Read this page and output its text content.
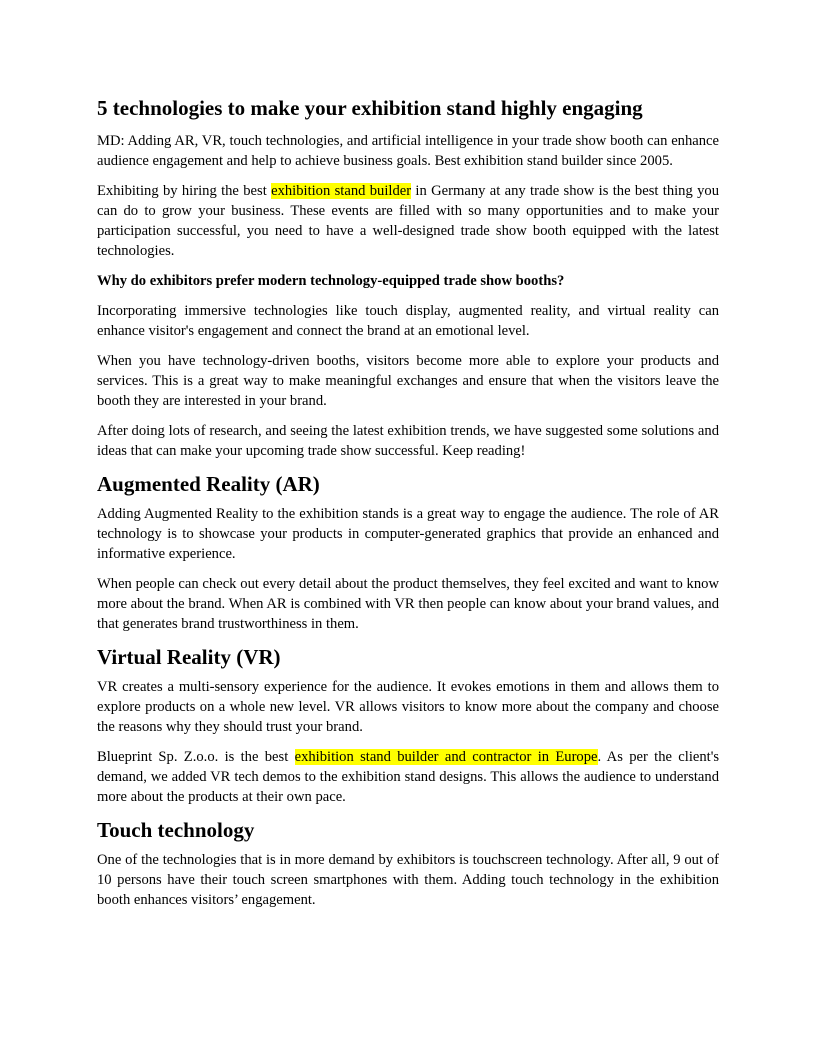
5 technologies to make your exhibition stand highly engaging

MD: Adding AR, VR, touch technologies, and artificial intelligence in your trade show booth can enhance audience engagement and help to achieve business goals. Best exhibition stand builder since 2005.

Exhibiting by hiring the best exhibition stand builder in Germany at any trade show is the best thing you can do to grow your business. These events are filled with so many opportunities and to make your participation successful, you need to have a well-designed trade show booth equipped with the latest technologies.

Why do exhibitors prefer modern technology-equipped trade show booths?

Incorporating immersive technologies like touch display, augmented reality, and virtual reality can enhance visitor's engagement and connect the brand at an emotional level.

When you have technology-driven booths, visitors become more able to explore your products and services. This is a great way to make meaningful exchanges and ensure that when the visitors leave the booth they are interested in your brand.

After doing lots of research, and seeing the latest exhibition trends, we have suggested some solutions and ideas that can make your upcoming trade show successful. Keep reading!

Augmented Reality (AR)

Adding Augmented Reality to the exhibition stands is a great way to engage the audience. The role of AR technology is to showcase your products in computer-generated graphics that provide an enhanced and informative experience.

When people can check out every detail about the product themselves, they feel excited and want to know more about the brand. When AR is combined with VR then people can know about your brand values, and that generates brand trustworthiness in them.

Virtual Reality (VR)

VR creates a multi-sensory experience for the audience. It evokes emotions in them and allows them to explore products on a whole new level. VR allows visitors to know more about the company and choose the reasons why they should trust your brand.

Blueprint Sp. Z.o.o. is the best exhibition stand builder and contractor in Europe. As per the client's demand, we added VR tech demos to the exhibition stand designs. This allows the audience to understand more about the products at their own pace.

Touch technology

One of the technologies that is in more demand by exhibitors is touchscreen technology. After all, 9 out of 10 persons have their touch screen smartphones with them. Adding touch technology in the exhibition booth enhances visitors’ engagement.
